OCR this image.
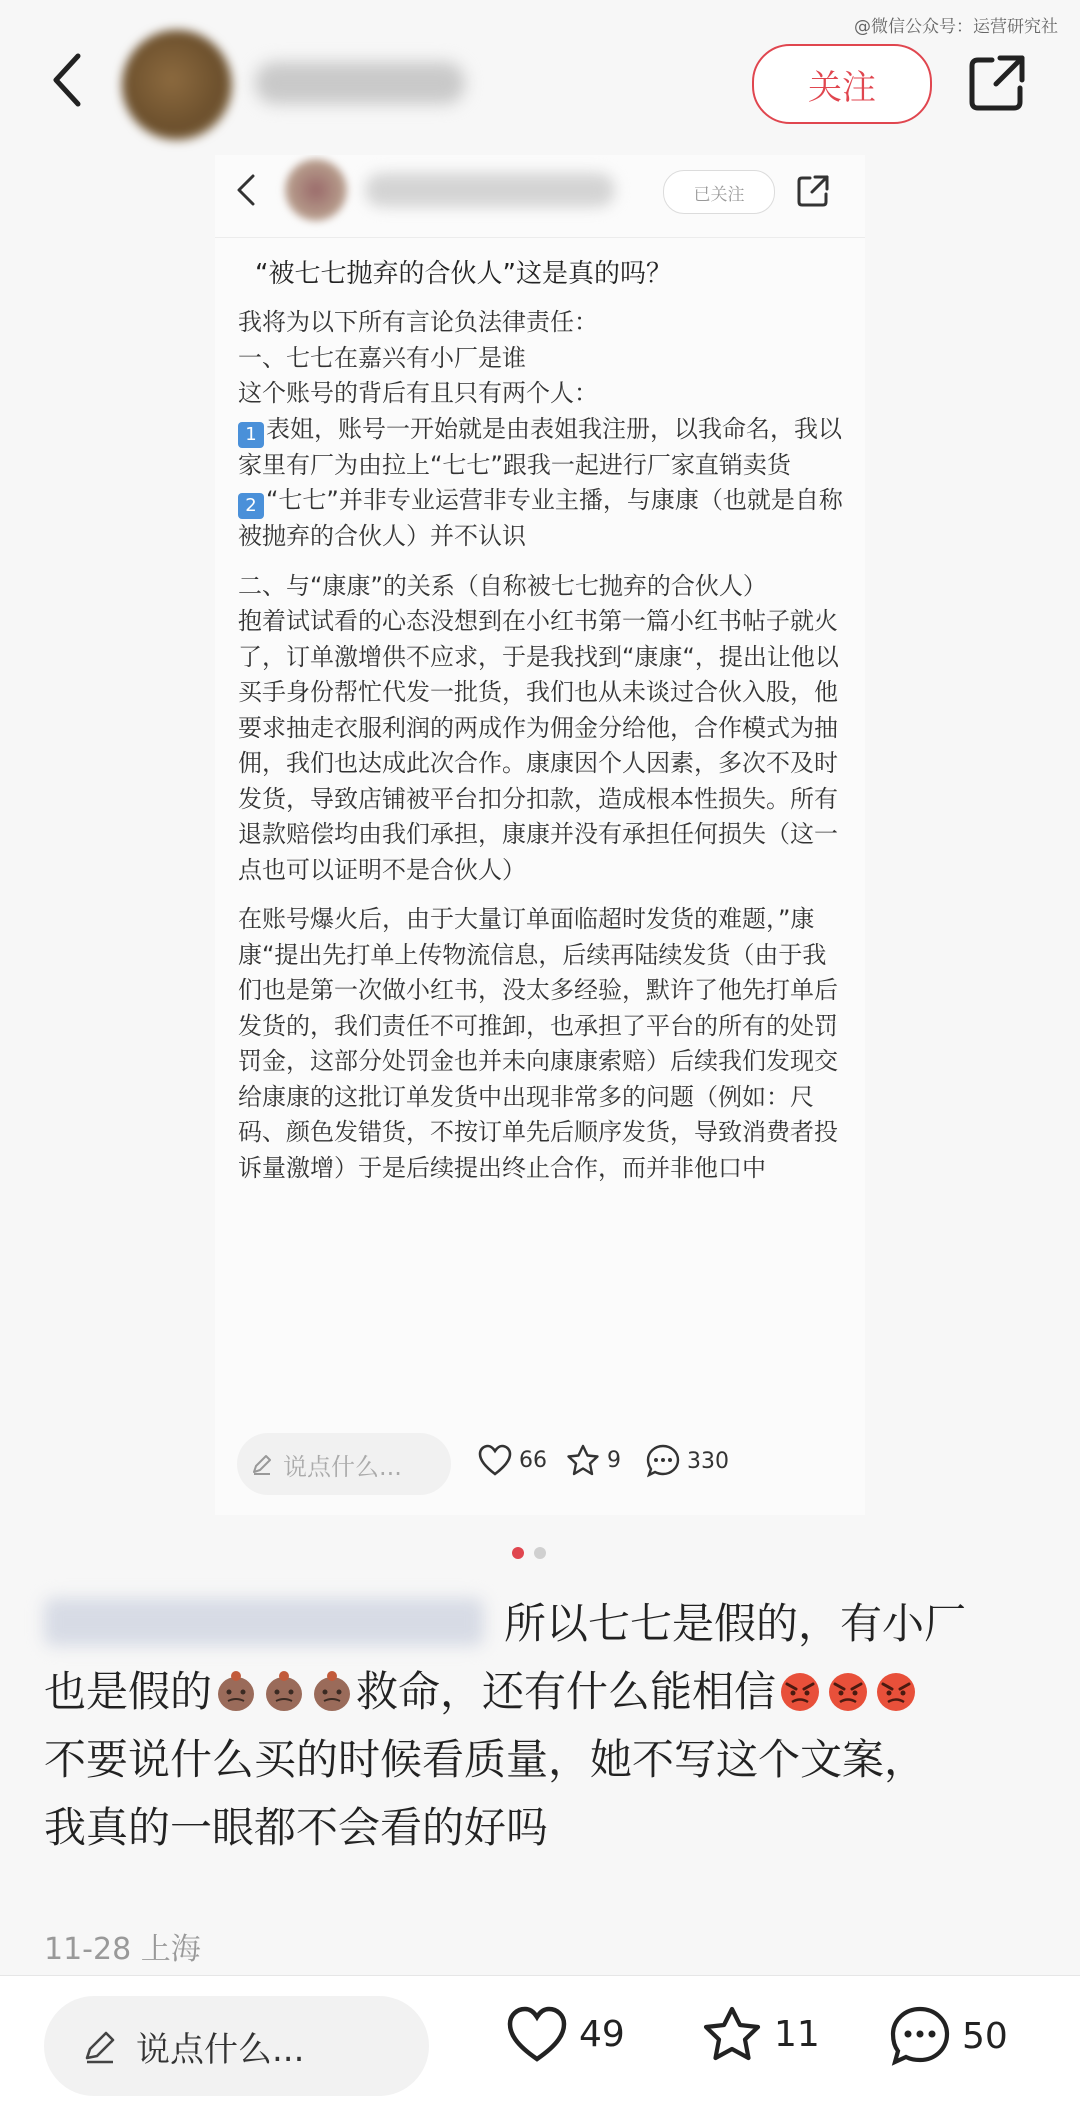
@微信公众号：运营研究社
关注
已关注
“被七七抛弃的合伙人”这是真的吗？

我将为以下所有言论负法律责任：

一、七七在嘉兴有小厂是谁

这个账号的背后有且只有两个人：

1 表姐，账号一开始就是由表姐我注册，以我命名，我以家里有厂为由拉上“七七”跟我一起进行厂家直销卖货

2 “七七”并非专业运营非专业主播，与康康（也就是自称被抛弃的合伙人）并不认识

二、与“康康”的关系（自称被七七抛弃的合伙人）

抱着试试看的心态没想到在小红书第一篇小红书帖子就火了，订单激增供不应求，于是我找到“康康“，提出让他以买手身份帮忙代发一批货，我们也从未谈过合伙入股，他要求抽走衣服利润的两成作为佣金分给他，合作模式为抽佣，我们也达成此次合作。康康因个人因素，多次不及时发货，导致店铺被平台扣分扣款，造成根本性损失。所有退款赔偿均由我们承担，康康并没有承担任何损失（这一点也可以证明不是合伙人）

在账号爆火后，由于大量订单面临超时发货的难题，”康康“提出先打单上传物流信息，后续再陆续发货（由于我们也是第一次做小红书，没太多经验，默许了他先打单后发货的，我们责任不可推卸，也承担了平台的所有的处罚罚金，这部分处罚金也并未向康康索赔）后续我们发现交给康康的这批订单发货中出现非常多的问题（例如：尺码、颜色发错货，不按订单先后顺序发货，导致消费者投诉量激增）于是后续提出终止合作，而并非他口中

说点什么...	66	9	330

所以七七是假的，有小厂

也是假的	救命，还有什么能相信

不要说什么买的时候看质量，她不写这个文案，

我真的一眼都不会看的好吗

11-28 上海
说点什么...	49	11	50
